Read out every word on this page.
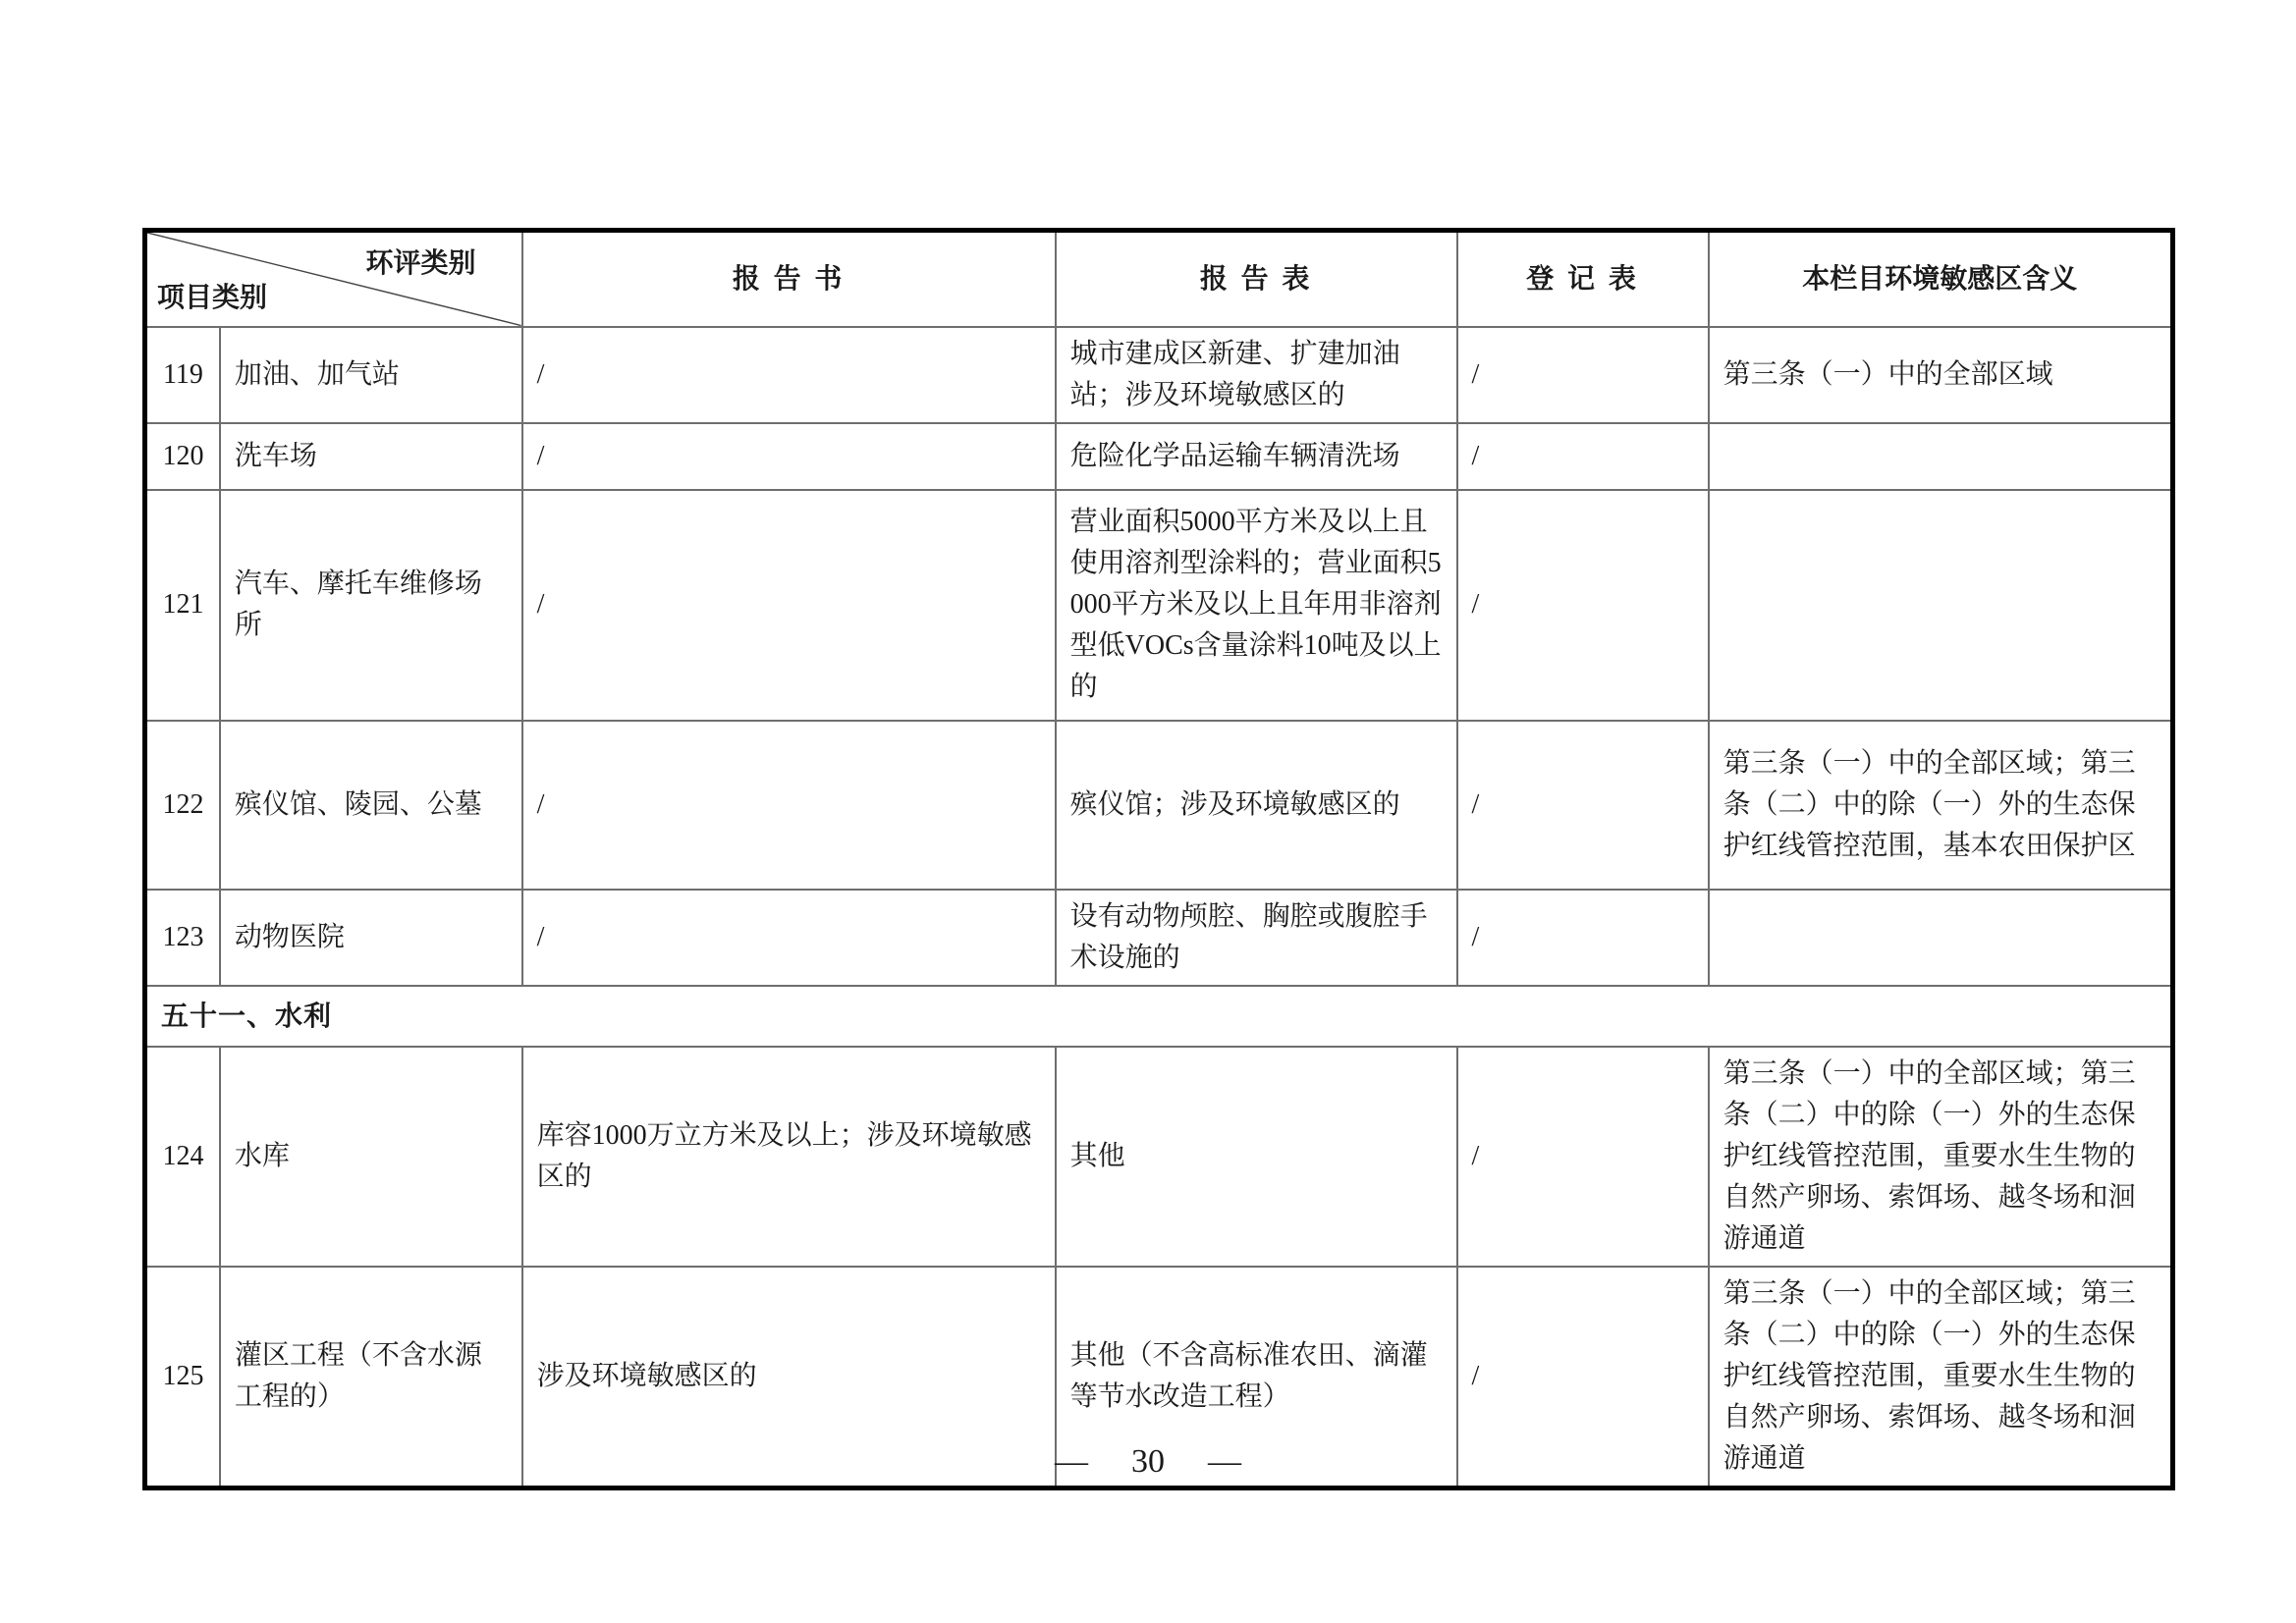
环评类别
项目类别		报 告 书	报 告 表	登 记 表	本栏目环境敏感区含义
119	加油、加气站	/	城市建成区新建、扩建加油站；涉及环境敏感区的	/	第三条（一）中的全部区域
120	洗车场	/	危险化学品运输车辆清洗场	/	
121	汽车、摩托车维修场所	/	营业面积5000平方米及以上且使用溶剂型涂料的；营业面积5000平方米及以上且年用非溶剂型低VOCs含量涂料10吨及以上的	/	
122	殡仪馆、陵园、公墓	/	殡仪馆；涉及环境敏感区的	/	第三条（一）中的全部区域；第三条（二）中的除（一）外的生态保护红线管控范围，基本农田保护区
123	动物医院	/	设有动物颅腔、胸腔或腹腔手术设施的	/	
五十一、水利					
124	水库	库容1000万立方米及以上；涉及环境敏感区的	其他	/	第三条（一）中的全部区域；第三条（二）中的除（一）外的生态保护红线管控范围，重要水生生物的自然产卵场、索饵场、越冬场和洄游通道
125	灌区工程（不含水源工程的）	涉及环境敏感区的	其他（不含高标准农田、滴灌等节水改造工程）	/	第三条（一）中的全部区域；第三条（二）中的除（一）外的生态保护红线管控范围，重要水生生物的自然产卵场、索饵场、越冬场和洄游通道
— 30 —
